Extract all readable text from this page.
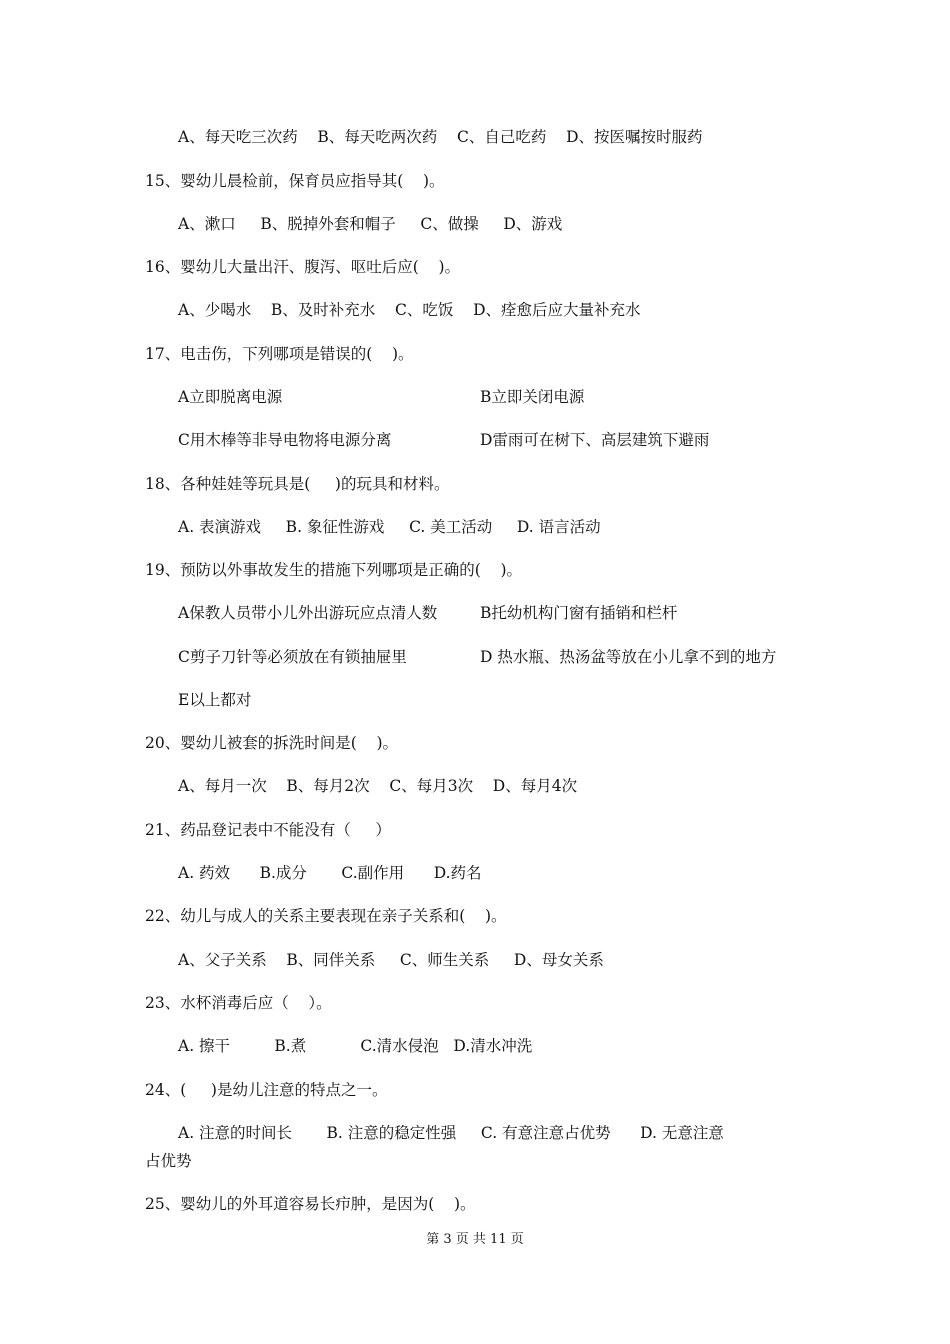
A、每天吃三次药    B、每天吃两次药    C、自己吃药    D、按医嘱按时服药
15、婴幼儿晨检前，保育员应指导其(    )。
A、漱口     B、脱掉外套和帽子     C、做操     D、游戏
16、婴幼儿大量出汗、腹泻、呕吐后应(    )。
A、少喝水    B、及时补充水    C、吃饭    D、痊愈后应大量补充水
17、电击伤，下列哪项是错误的(    )。
A立即脱离电源	B立即关闭电源
C用木棒等非导电物将电源分离	D雷雨可在树下、高层建筑下避雨
18、各种娃娃等玩具是(     )的玩具和材料。
A. 表演游戏     B. 象征性游戏     C. 美工活动     D. 语言活动
19、预防以外事故发生的措施下列哪项是正确的(    )。
A保教人员带小儿外出游玩应点清人数	B托幼机构门窗有插销和栏杆
C剪子刀针等必须放在有锁抽屉里	D 热水瓶、热汤盆等放在小儿拿不到的地方
E以上都对
20、婴幼儿被套的拆洗时间是(    )。
A、每月一次    B、每月2次    C、每月3次    D、每月4次
21、药品登记表中不能没有（     ）
A. 药效      B.成分       C.副作用      D.药名
22、幼儿与成人的关系主要表现在亲子关系和(    )。
A、父子关系    B、同伴关系     C、师生关系     D、母女关系
23、水杯消毒后应（    ）。
A. 擦干         B.煮           C.清水侵泡   D.清水冲洗
24、(     )是幼儿注意的特点之一。
A. 注意的时间长       B. 注意的稳定性强     C. 有意注意占优势      D. 无意注意
占优势
25、婴幼儿的外耳道容易长疖肿，是因为(    )。
第 3 页 共 11 页
